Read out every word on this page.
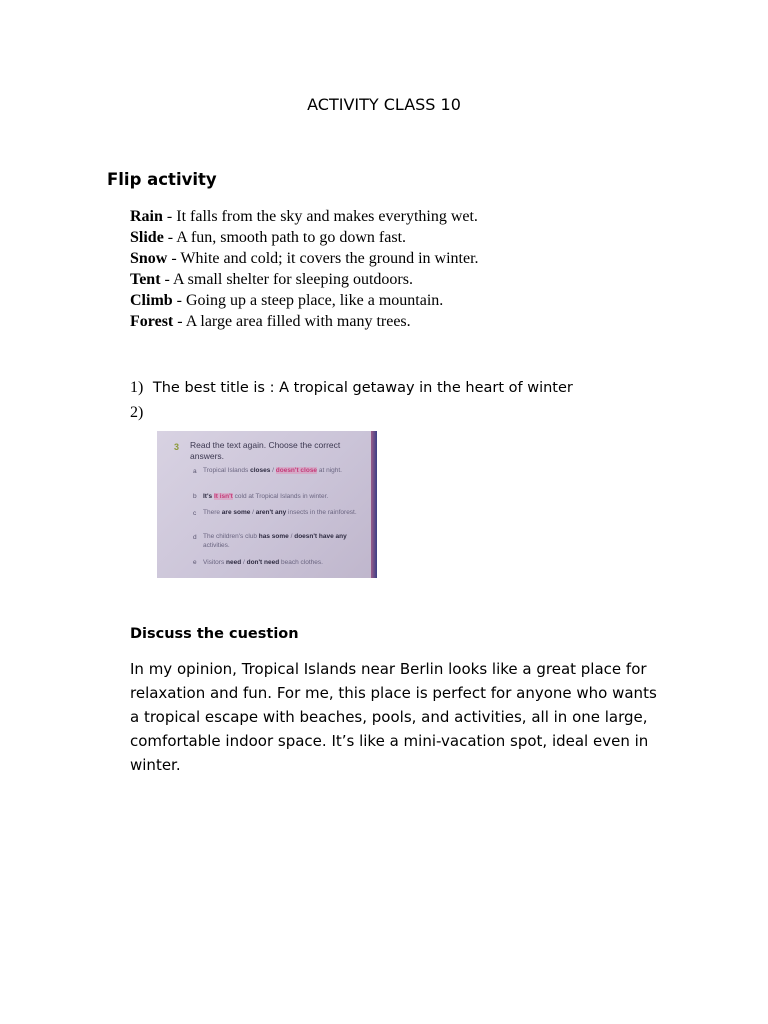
ACTIVITY CLASS 10
Flip activity
Rain - It falls from the sky and makes everything wet.
Slide - A fun, smooth path to go down fast.
Snow - White and cold; it covers the ground in winter.
Tent - A small shelter for sleeping outdoors.
Climb - Going up a steep place, like a mountain.
Forest - A large area filled with many trees.
1) The best title is : A tropical getaway in the heart of winter
2)
3 Read the text again. Choose the correct answers.
a Tropical Islands closes / doesn't close at night.
b It's It isn't cold at Tropical Islands in winter.
c There are some / aren't any insects in the rainforest.
d The children's club has some / doesn't have any activities.
e Visitors need / don't need beach clothes.
Discuss the cuestion

In my opinion, Tropical Islands near Berlin looks like a great place for relaxation and fun. For me, this place is perfect for anyone who wants a tropical escape with beaches, pools, and activities, all in one large, comfortable indoor space. It’s like a mini-vacation spot, ideal even in winter.
